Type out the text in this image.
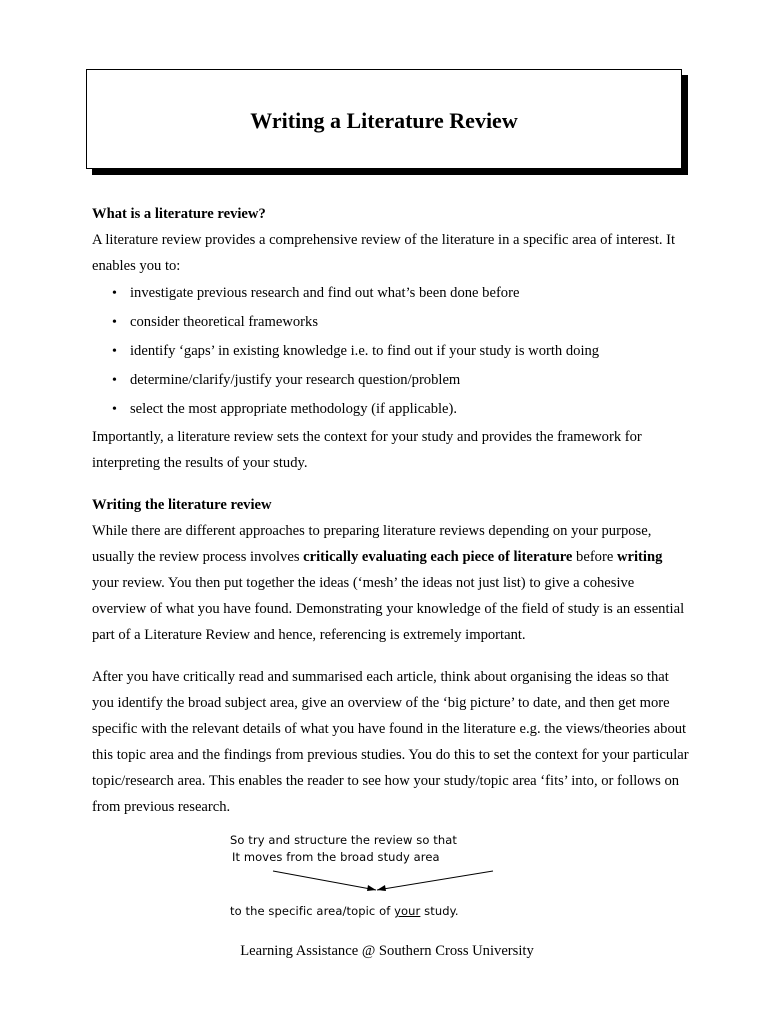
Writing a Literature Review

What is a literature review?

A literature review provides a comprehensive review of the literature in a specific area of interest. It enables you to:

• investigate previous research and find out what’s been done before
• consider theoretical frameworks
• identify ‘gaps’ in existing knowledge i.e. to find out if your study is worth doing
• determine/clarify/justify your research question/problem
• select the most appropriate methodology (if applicable).

Importantly, a literature review sets the context for your study and provides the framework for interpreting the results of your study.

Writing the literature review

While there are different approaches to preparing literature reviews depending on your purpose, usually the review process involves critically evaluating each piece of literature before writing your review. You then put together the ideas (‘mesh’ the ideas not just list) to give a cohesive overview of what you have found. Demonstrating your knowledge of the field of study is an essential part of a Literature Review and hence, referencing is extremely important.

After you have critically read and summarised each article, think about organising the ideas so that you identify the broad subject area, give an overview of the ‘big picture’ to date, and then get more specific with the relevant details of what you have found in the literature e.g. the views/theories about this topic area and the findings from previous studies. You do this to set the context for your particular topic/research area. This enables the reader to see how your study/topic area ‘fits’ into, or follows on from previous research.

So try and structure the review so that
It moves from the broad study area
to the specific area/topic of your study.
Learning Assistance @ Southern Cross University
